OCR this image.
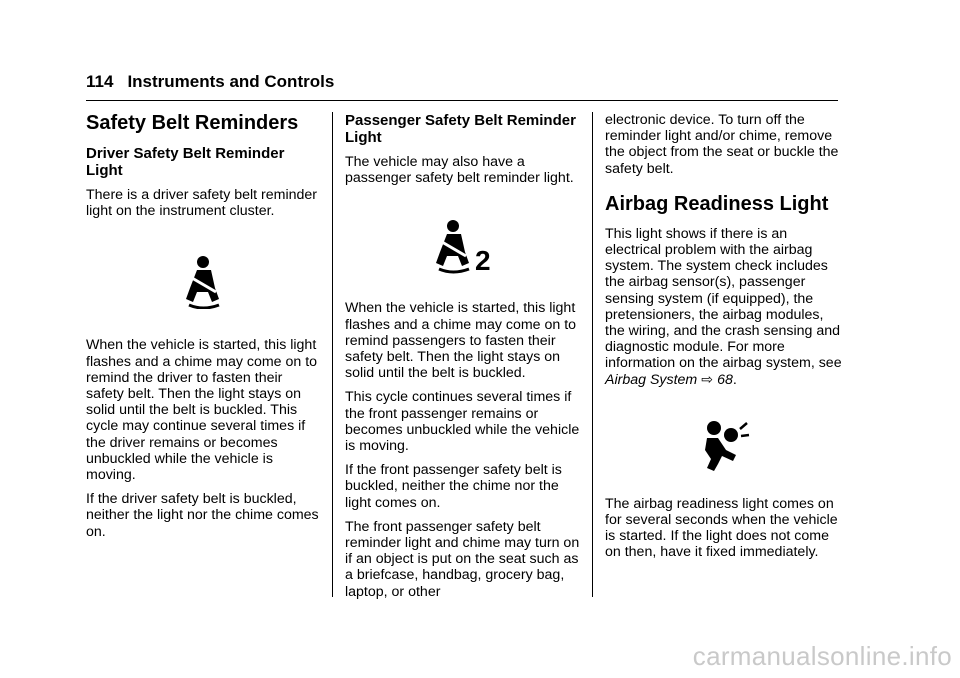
114 Instruments and Controls
Safety Belt Reminders
Driver Safety Belt Reminder Light

There is a driver safety belt reminder light on the instrument cluster.

When the vehicle is started, this light flashes and a chime may come on to remind the driver to fasten their safety belt. Then the light stays on solid until the belt is buckled. This cycle may continue several times if the driver remains or becomes unbuckled while the vehicle is moving.

If the driver safety belt is buckled, neither the light nor the chime comes on.

Passenger Safety Belt Reminder Light

The vehicle may also have a passenger safety belt reminder light.

2

When the vehicle is started, this light flashes and a chime may come on to remind passengers to fasten their safety belt. Then the light stays on solid until the belt is buckled.

This cycle continues several times if the front passenger remains or becomes unbuckled while the vehicle is moving.

If the front passenger safety belt is buckled, neither the chime nor the light comes on.

The front passenger safety belt reminder light and chime may turn on if an object is put on the seat such as a briefcase, handbag, grocery bag, laptop, or other

electronic device. To turn off the reminder light and/or chime, remove the object from the seat or buckle the safety belt.

Airbag Readiness Light

This light shows if there is an electrical problem with the airbag system. The system check includes the airbag sensor(s), passenger sensing system (if equipped), the pretensioners, the airbag modules, the wiring, and the crash sensing and diagnostic module. For more information on the airbag system, see Airbag System ⇨ 68.

The airbag readiness light comes on for several seconds when the vehicle is started. If the light does not come on then, have it fixed immediately.

carmanualsonline.info
